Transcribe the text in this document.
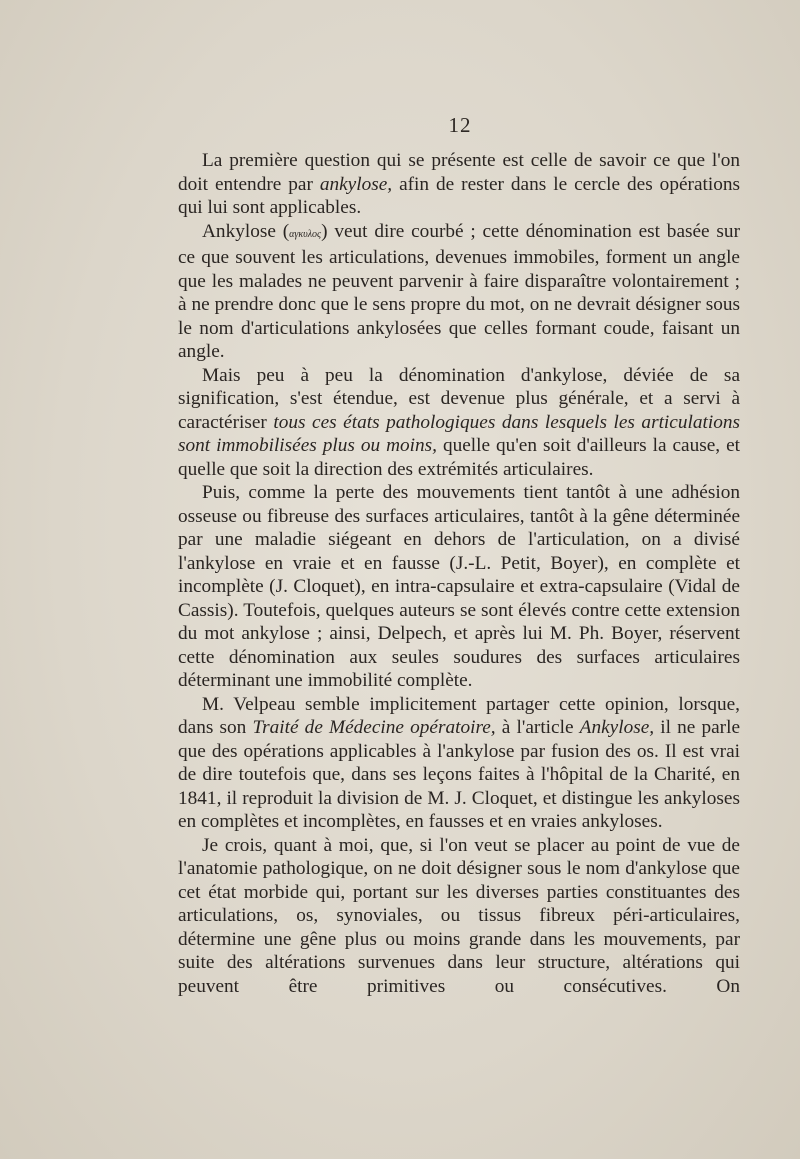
12

La première question qui se présente est celle de savoir ce que l'on doit entendre par ankylose, afin de rester dans le cercle des opérations qui lui sont applicables.

Ankylose (αγκυλος) veut dire courbé ; cette dénomination est basée sur ce que souvent les articulations, devenues immobiles, forment un angle que les malades ne peuvent parvenir à faire disparaître volontairement ; à ne prendre donc que le sens propre du mot, on ne devrait désigner sous le nom d'articulations ankylosées que celles formant coude, faisant un angle.

Mais peu à peu la dénomination d'ankylose, déviée de sa signification, s'est étendue, est devenue plus générale, et a servi à caractériser tous ces états pathologiques dans lesquels les articulations sont immobilisées plus ou moins, quelle qu'en soit d'ailleurs la cause, et quelle que soit la direction des extrémités articulaires.

Puis, comme la perte des mouvements tient tantôt à une adhésion osseuse ou fibreuse des surfaces articulaires, tantôt à la gêne déterminée par une maladie siégeant en dehors de l'articulation, on a divisé l'ankylose en vraie et en fausse (J.-L. Petit, Boyer), en complète et incomplète (J. Cloquet), en intra-capsulaire et extra-capsulaire (Vidal de Cassis). Toutefois, quelques auteurs se sont élevés contre cette extension du mot ankylose ; ainsi, Delpech, et après lui M. Ph. Boyer, réservent cette dénomination aux seules soudures des surfaces articulaires déterminant une immobilité complète.

M. Velpeau semble implicitement partager cette opinion, lorsque, dans son Traité de Médecine opératoire, à l'article Ankylose, il ne parle que des opérations applicables à l'ankylose par fusion des os. Il est vrai de dire toutefois que, dans ses leçons faites à l'hôpital de la Charité, en 1841, il reproduit la division de M. J. Cloquet, et distingue les ankyloses en complètes et incomplètes, en fausses et en vraies ankyloses.

Je crois, quant à moi, que, si l'on veut se placer au point de vue de l'anatomie pathologique, on ne doit désigner sous le nom d'ankylose que cet état morbide qui, portant sur les diverses parties constituantes des articulations, os, synoviales, ou tissus fibreux péri-articulaires, détermine une gêne plus ou moins grande dans les mouvements, par suite des altérations survenues dans leur structure, altérations qui peuvent être primitives ou consécutives. On
